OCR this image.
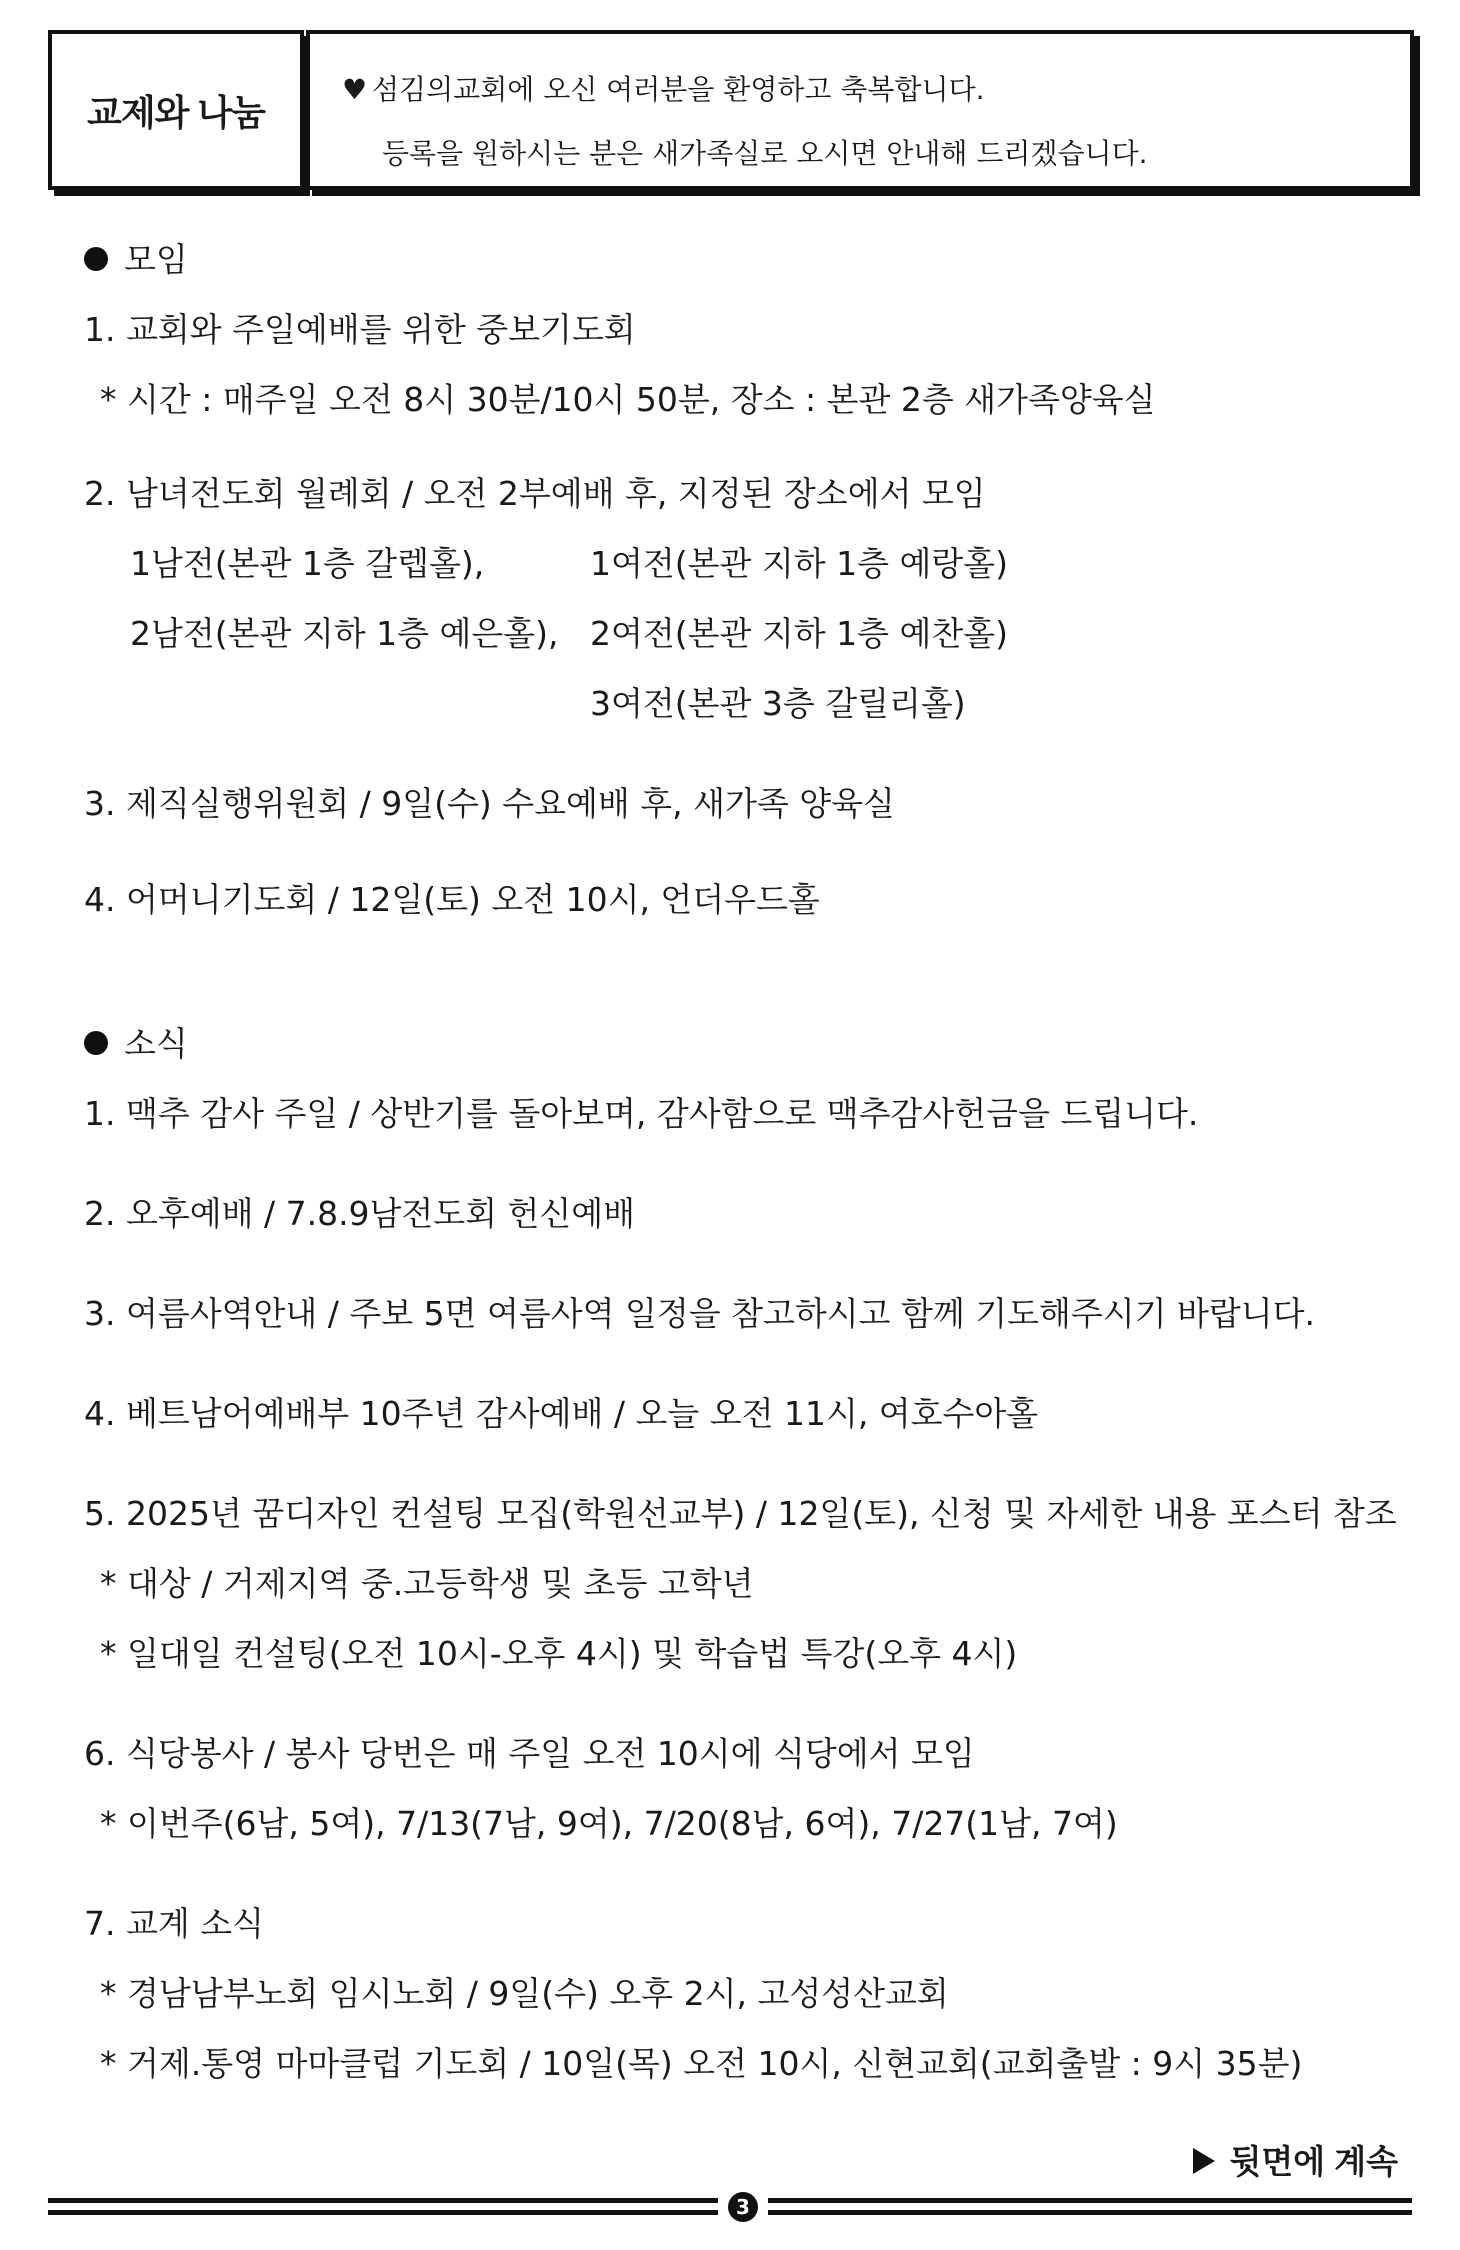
교제와 나눔
♥ 섬김의교회에 오신 여러분을 환영하고 축복합니다.
등록을 원하시는 분은 새가족실로 오시면 안내해 드리겠습니다.
모임
1. 교회와 주일예배를 위한 중보기도회
* 시간 : 매주일 오전 8시 30분/10시 50분, 장소 : 본관 2층 새가족양육실
2. 남녀전도회 월례회 / 오전 2부예배 후, 지정된 장소에서 모임
1남전(본관 1층 갈렙홀),	1여전(본관 지하 1층 예랑홀)
2남전(본관 지하 1층 예은홀), 2여전(본관 지하 1층 예찬홀)
3여전(본관 3층 갈릴리홀)
3. 제직실행위원회 / 9일(수) 수요예배 후, 새가족 양육실
4. 어머니기도회 / 12일(토) 오전 10시, 언더우드홀
소식
1. 맥추 감사 주일 / 상반기를 돌아보며, 감사함으로 맥추감사헌금을 드립니다.
2. 오후예배 / 7.8.9남전도회 헌신예배
3. 여름사역안내 / 주보 5면 여름사역 일정을 참고하시고 함께 기도해주시기 바랍니다.
4. 베트남어예배부 10주년 감사예배 / 오늘 오전 11시, 여호수아홀
5. 2025년 꿈디자인 컨설팅 모집(학원선교부) / 12일(토), 신청 및 자세한 내용 포스터 참조
* 대상 / 거제지역 중.고등학생 및 초등 고학년
* 일대일 컨설팅(오전 10시-오후 4시) 및 학습법 특강(오후 4시)
6. 식당봉사 / 봉사 당번은 매 주일 오전 10시에 식당에서 모임
* 이번주(6남, 5여), 7/13(7남, 9여), 7/20(8남, 6여), 7/27(1남, 7여)
7. 교계 소식
* 경남남부노회 임시노회 / 9일(수) 오후 2시, 고성성산교회
* 거제.통영 마마클럽 기도회 / 10일(목) 오전 10시, 신현교회(교회출발 : 9시 35분)
뒷면에 계속
3
